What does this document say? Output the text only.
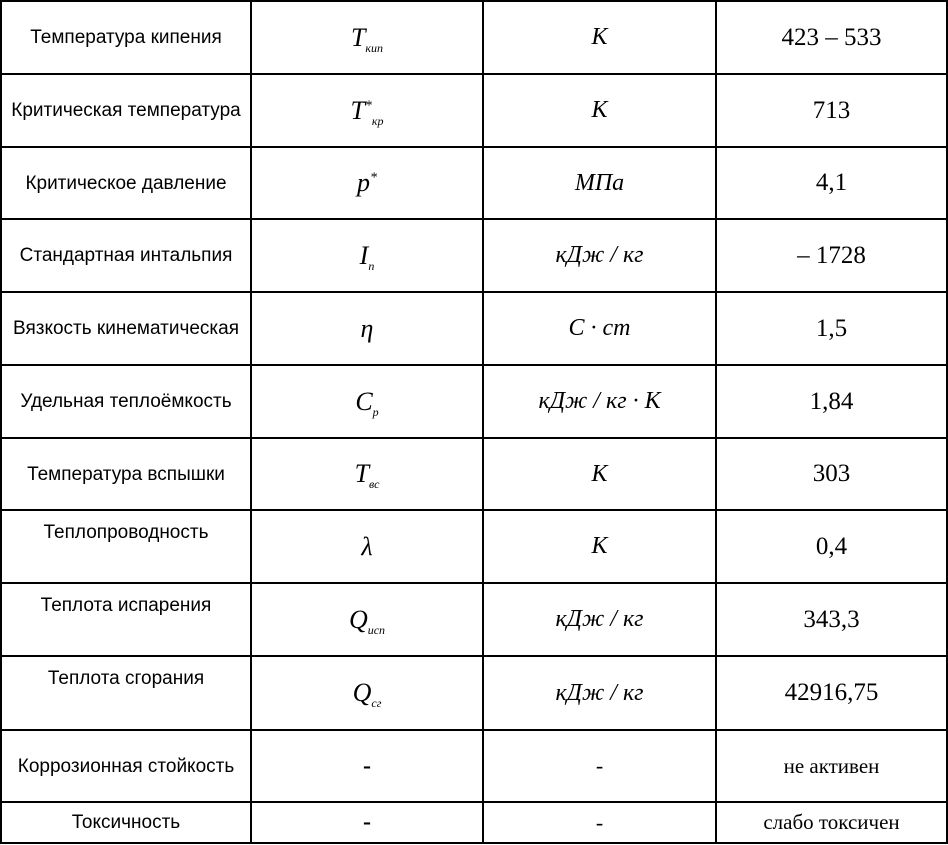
Температура кипения	$T_{кип}$	К	423 – 533
Критическая температура	$T^*_{кр}$	К	713
Критическое давление	p*	МПа	4,1
Стандартная интальпия	$I_п$	кДж / кг	– 1728
Вязкость кинематическая	η	С · ст	1,5
Удельная теплоёмкость	$C_p$	кДж / кг · К	1,84
Температура вспышки	$T_{вс}$	К	303
Теплопроводность	λ	К	0,4
Теплота испарения	$Q_{исп}$	кДж / кг	343,3
Теплота сгорания	$Q_{сг}$	кДж / кг	42916,75
Коррозионная стойкость	-	-	не активен
Токсичность	-	-	слабо токсичен
